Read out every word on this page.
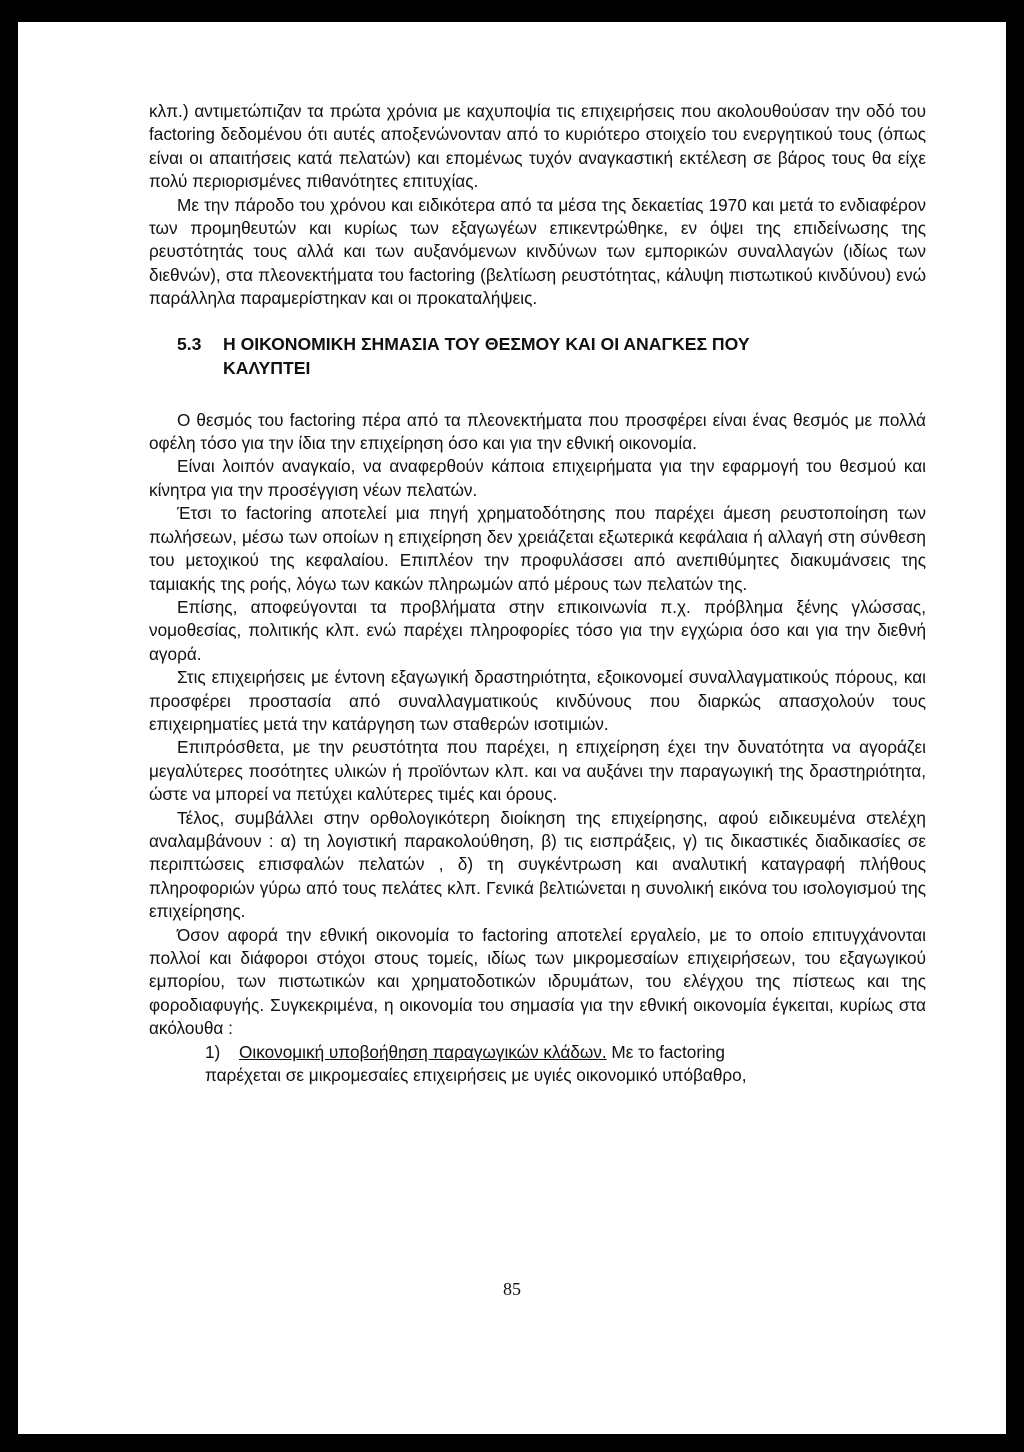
κλπ.) αντιμετώπιζαν τα πρώτα χρόνια με καχυποψία τις επιχειρήσεις που ακολουθούσαν την οδό του factoring δεδομένου ότι αυτές αποξενώνονταν από το κυριότερο στοιχείο του ενεργητικού τους (όπως είναι οι απαιτήσεις κατά πελατών) και επομένως τυχόν αναγκαστική εκτέλεση σε βάρος τους θα είχε πολύ περιορισμένες πιθανότητες επιτυχίας.

Με την πάροδο του χρόνου και ειδικότερα από τα μέσα της δεκαετίας 1970 και μετά το ενδιαφέρον των προμηθευτών και κυρίως των εξαγωγέων επικεντρώθηκε, εν όψει της επιδείνωσης της ρευστότητάς τους αλλά και των αυξανόμενων κινδύνων των εμπορικών συναλλαγών (ιδίως των διεθνών), στα πλεονεκτήματα του factoring (βελτίωση ρευστότητας, κάλυψη πιστωτικού κινδύνου) ενώ παράλληλα παραμερίστηκαν και οι προκαταλήψεις.

5.3 Η ΟΙΚΟΝΟΜΙΚΗ ΣΗΜΑΣΙΑ ΤΟΥ ΘΕΣΜΟΥ ΚΑΙ ΟΙ ΑΝΑΓΚΕΣ ΠΟΥ
ΚΑΛΥΠΤΕΙ

Ο θεσμός του factoring πέρα από τα πλεονεκτήματα που προσφέρει είναι ένας θεσμός με πολλά οφέλη τόσο για την ίδια την επιχείρηση όσο και για την εθνική οικονομία.

Είναι λοιπόν αναγκαίο, να αναφερθούν κάποια επιχειρήματα για την εφαρμογή του θεσμού και κίνητρα για την προσέγγιση νέων πελατών.

Έτσι το factoring αποτελεί μια πηγή χρηματοδότησης που παρέχει άμεση ρευστοποίηση των πωλήσεων, μέσω των οποίων η επιχείρηση δεν χρειάζεται εξωτερικά κεφάλαια ή αλλαγή στη σύνθεση του μετοχικού της κεφαλαίου. Επιπλέον την προφυλάσσει από ανεπιθύμητες διακυμάνσεις της ταμιακής της ροής, λόγω των κακών πληρωμών από μέρους των πελατών της.

Επίσης, αποφεύγονται τα προβλήματα στην επικοινωνία π.χ. πρόβλημα ξένης γλώσσας, νομοθεσίας, πολιτικής κλπ. ενώ παρέχει πληροφορίες τόσο για την εγχώρια όσο και για την διεθνή αγορά.

Στις επιχειρήσεις με έντονη εξαγωγική δραστηριότητα, εξοικονομεί συναλλαγματικούς πόρους, και προσφέρει προστασία από συναλλαγματικούς κινδύνους που διαρκώς απασχολούν τους επιχειρηματίες μετά την κατάργηση των σταθερών ισοτιμιών.

Επιπρόσθετα, με την ρευστότητα που παρέχει, η επιχείρηση έχει την δυνατότητα να αγοράζει μεγαλύτερες ποσότητες υλικών ή προϊόντων κλπ. και να αυξάνει την παραγωγική της δραστηριότητα, ώστε να μπορεί να πετύχει καλύτερες τιμές και όρους.

Τέλος, συμβάλλει στην ορθολογικότερη διοίκηση της επιχείρησης, αφού ειδικευμένα στελέχη αναλαμβάνουν : α) τη λογιστική παρακολούθηση, β) τις εισπράξεις, γ) τις δικαστικές διαδικασίες σε περιπτώσεις επισφαλών πελατών , δ) τη συγκέντρωση και αναλυτική καταγραφή πλήθους πληροφοριών γύρω από τους πελάτες κλπ. Γενικά βελτιώνεται η συνολική εικόνα του ισολογισμού της επιχείρησης.

Όσον αφορά την εθνική οικονομία το factoring αποτελεί εργαλείο, με το οποίο επιτυγχάνονται πολλοί και διάφοροι στόχοι στους τομείς, ιδίως των μικρομεσαίων επιχειρήσεων, του εξαγωγικού εμπορίου, των πιστωτικών και χρηματοδοτικών ιδρυμάτων, του ελέγχου της πίστεως και της φοροδιαφυγής. Συγκεκριμένα, η οικονομία του σημασία για την εθνική οικονομία έγκειται, κυρίως στα ακόλουθα :

1) Οικονομική υποβοήθηση παραγωγικών κλάδων. Με το factoring

παρέχεται σε μικρομεσαίες επιχειρήσεις με υγιές οικονομικό υπόβαθρο,

85
